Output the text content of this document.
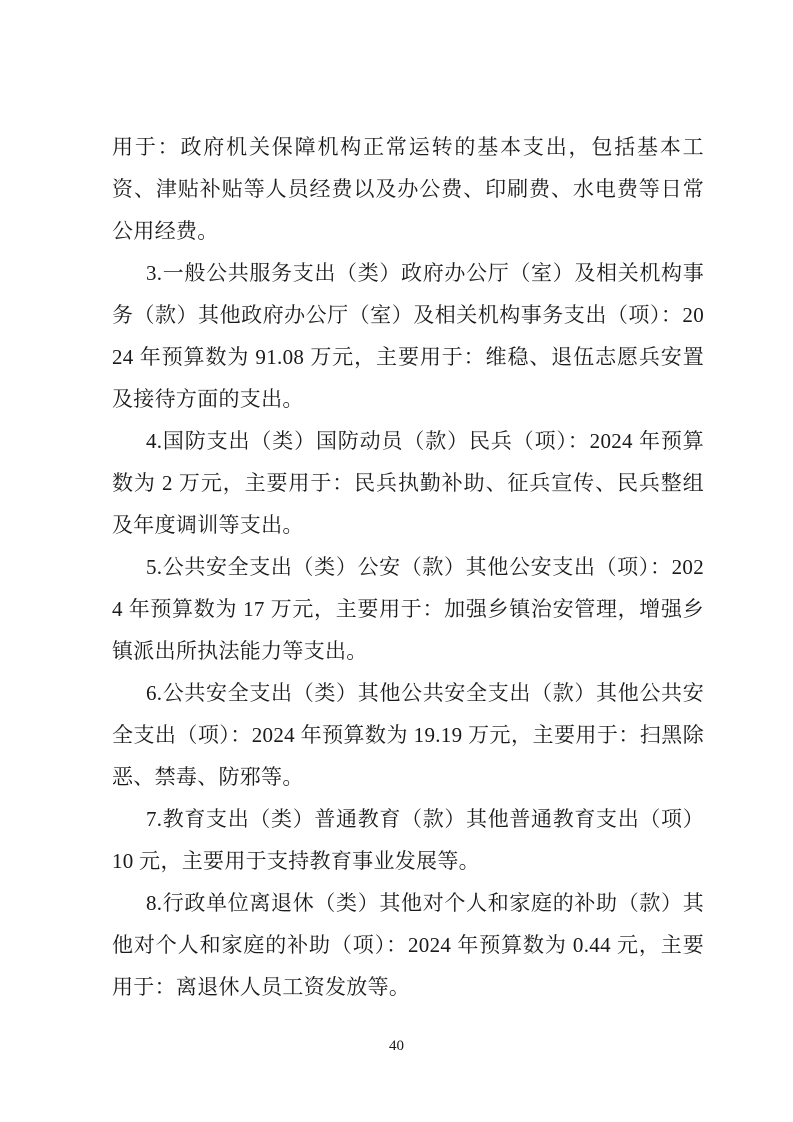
用于：政府机关保障机构正常运转的基本支出，包括基本工资、津贴补贴等人员经费以及办公费、印刷费、水电费等日常公用经费。

3.一般公共服务支出（类）政府办公厅（室）及相关机构事务（款）其他政府办公厅（室）及相关机构事务支出（项）：2024 年预算数为 91.08 万元，主要用于：维稳、退伍志愿兵安置及接待方面的支出。

4.国防支出（类）国防动员（款）民兵（项）：2024 年预算数为 2 万元，主要用于：民兵执勤补助、征兵宣传、民兵整组及年度调训等支出。

5.公共安全支出（类）公安（款）其他公安支出（项）：2024 年预算数为 17 万元，主要用于：加强乡镇治安管理，增强乡镇派出所执法能力等支出。

6.公共安全支出（类）其他公共安全支出（款）其他公共安全支出（项）：2024 年预算数为 19.19 万元，主要用于：扫黑除恶、禁毒、防邪等。

7.教育支出（类）普通教育（款）其他普通教育支出（项）10 元，主要用于支持教育事业发展等。

8.行政单位离退休（类）其他对个人和家庭的补助（款）其他对个人和家庭的补助（项）：2024 年预算数为 0.44 元，主要用于：离退休人员工资发放等。

40
